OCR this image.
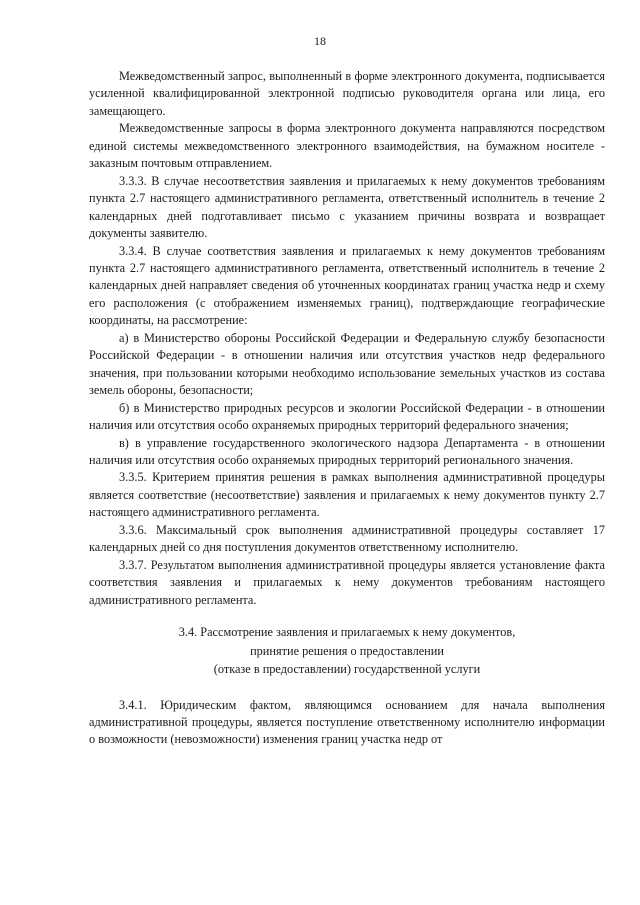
18

Межведомственный запрос, выполненный в форме электронного документа, подписывается усиленной квалифицированной электронной подписью руководителя органа или лица, его замещающего.

Межведомственные запросы в форма электронного документа направляются посредством единой системы межведомственного электронного взаимодействия, на бумажном носителе - заказным почтовым отправлением.

3.3.3. В случае несоответствия заявления и прилагаемых к нему документов требованиям пункта 2.7 настоящего административного регламента, ответственный исполнитель в течение 2 календарных дней подготавливает письмо с указанием причины возврата и возвращает документы заявителю.

3.3.4. В случае соответствия заявления и прилагаемых к нему документов требованиям пункта 2.7 настоящего административного регламента, ответственный исполнитель в течение 2 календарных дней направляет сведения об уточненных координатах границ участка недр и схему его расположения (с отображением изменяемых границ), подтверждающие географические координаты, на рассмотрение:

а) в Министерство обороны Российской Федерации и Федеральную службу безопасности Российской Федерации - в отношении наличия или отсутствия участков недр федерального значения, при пользовании которыми необходимо использование земельных участков из состава земель обороны, безопасности;

б) в Министерство природных ресурсов и экологии Российской Федерации - в отношении наличия или отсутствия особо охраняемых природных территорий федерального значения;

в) в управление государственного экологического надзора Департамента - в отношении наличия или отсутствия особо охраняемых природных территорий регионального значения.

3.3.5. Критерием принятия решения в рамках выполнения административной процедуры является соответствие (несоответствие) заявления и прилагаемых к нему документов пункту 2.7 настоящего административного регламента.

3.3.6. Максимальный срок выполнения административной процедуры составляет 17 календарных дней со дня поступления документов ответственному исполнителю.

3.3.7. Результатом выполнения административной процедуры является установление факта соответствия заявления и прилагаемых к нему документов требованиям настоящего административного регламента.

3.4. Рассмотрение заявления и прилагаемых к нему документов,
принятие решения о предоставлении
(отказе в предоставлении) государственной услуги

3.4.1. Юридическим фактом, являющимся основанием для начала выполнения административной процедуры, является поступление ответственному исполнителю информации о возможности (невозможности) изменения границ участка недр от
